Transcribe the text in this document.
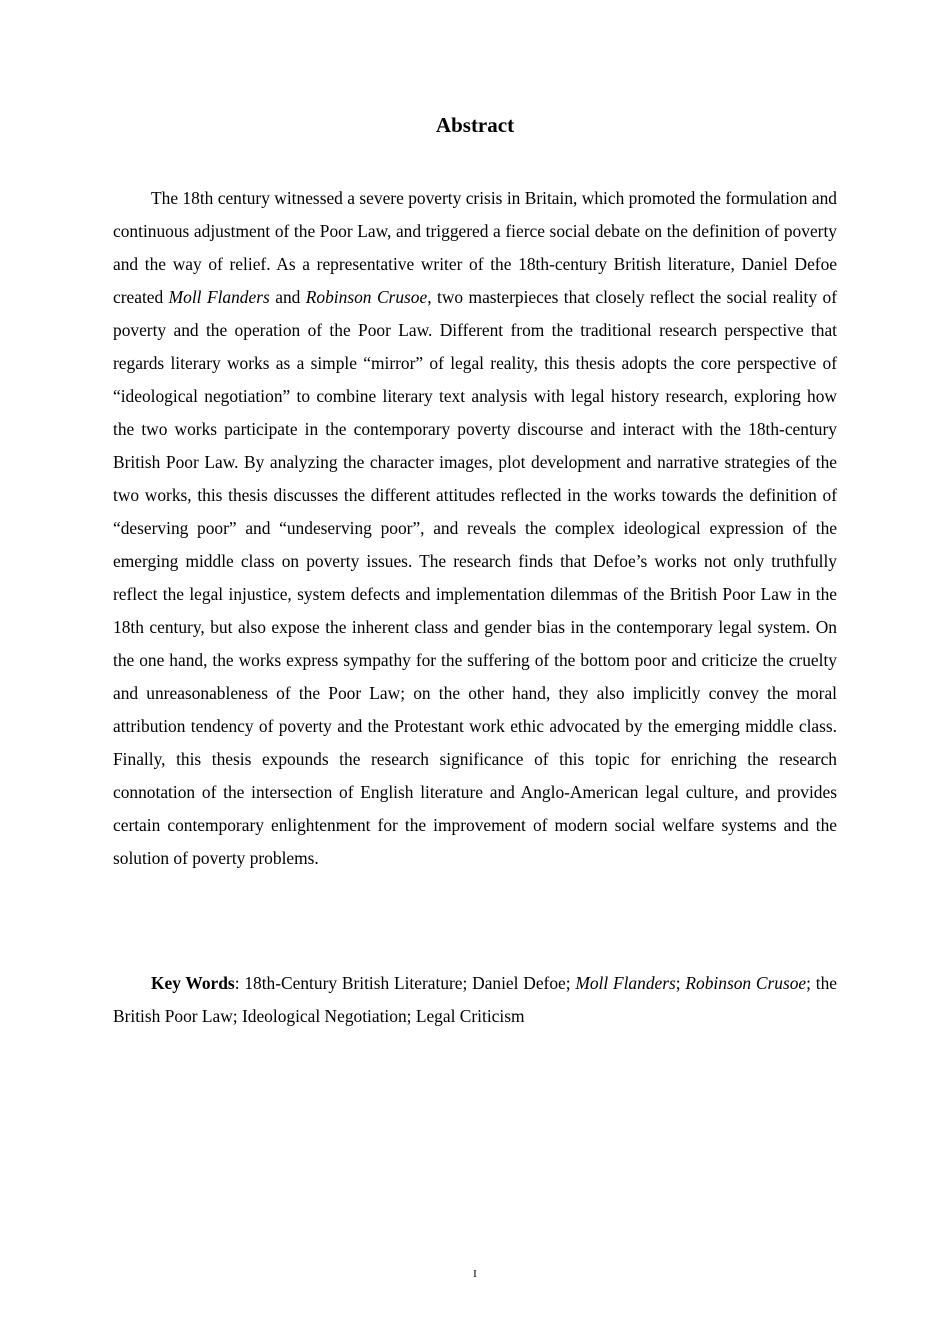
Abstract

The 18th century witnessed a severe poverty crisis in Britain, which promoted the formulation and continuous adjustment of the Poor Law, and triggered a fierce social debate on the definition of poverty and the way of relief. As a representative writer of the 18th-century British literature, Daniel Defoe created Moll Flanders and Robinson Crusoe, two masterpieces that closely reflect the social reality of poverty and the operation of the Poor Law. Different from the traditional research perspective that regards literary works as a simple “mirror” of legal reality, this thesis adopts the core perspective of “ideological negotiation” to combine literary text analysis with legal history research, exploring how the two works participate in the contemporary poverty discourse and interact with the 18th-century British Poor Law. By analyzing the character images, plot development and narrative strategies of the two works, this thesis discusses the different attitudes reflected in the works towards the definition of “deserving poor” and “undeserving poor”, and reveals the complex ideological expression of the emerging middle class on poverty issues. The research finds that Defoe’s works not only truthfully reflect the legal injustice, system defects and implementation dilemmas of the British Poor Law in the 18th century, but also expose the inherent class and gender bias in the contemporary legal system. On the one hand, the works express sympathy for the suffering of the bottom poor and criticize the cruelty and unreasonableness of the Poor Law; on the other hand, they also implicitly convey the moral attribution tendency of poverty and the Protestant work ethic advocated by the emerging middle class. Finally, this thesis expounds the research significance of this topic for enriching the research connotation of the intersection of English literature and Anglo-American legal culture, and provides certain contemporary enlightenment for the improvement of modern social welfare systems and the solution of poverty problems.

Key Words: 18th-Century British Literature; Daniel Defoe; Moll Flanders; Robinson Crusoe; the British Poor Law; Ideological Negotiation; Legal Criticism

I
